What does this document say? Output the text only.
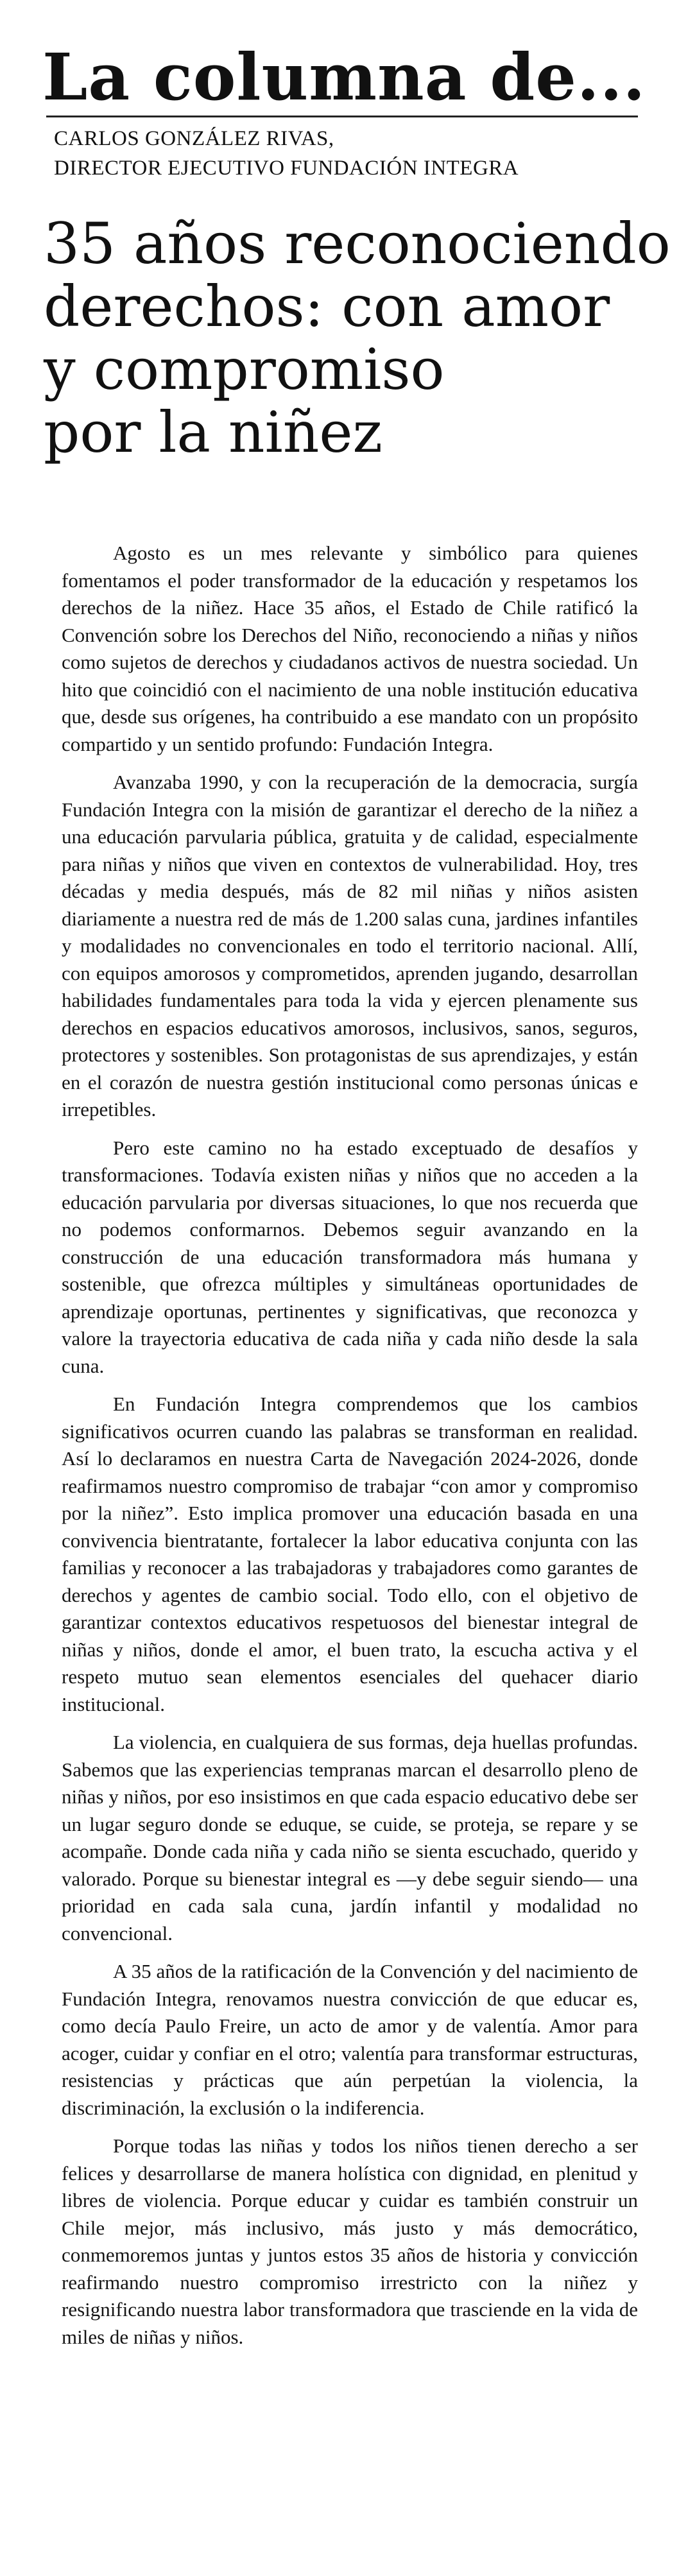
La columna de...
CARLOS GONZÁLEZ RIVAS,
DIRECTOR EJECUTIVO FUNDACIÓN INTEGRA
35 años reconociendo
derechos: con amor
y compromiso
por la niñez

Agosto es un mes relevante y simbólico para quienes fomentamos el poder transformador de la educación y respetamos los derechos de la niñez. Hace 35 años, el Estado de Chile ratificó la Convención sobre los Derechos del Niño, reconociendo a niñas y niños como sujetos de derechos y ciudadanos activos de nuestra sociedad. Un hito que coincidió con el nacimiento de una noble institución educativa que, desde sus orígenes, ha contribuido a ese mandato con un propósito compartido y un sentido profundo: Fundación Integra.

Avanzaba 1990, y con la recuperación de la democracia, surgía Fundación Integra con la misión de garantizar el derecho de la niñez a una educación parvularia pública, gratuita y de calidad, especialmente para niñas y niños que viven en contextos de vulnerabilidad. Hoy, tres décadas y media después, más de 82 mil niñas y niños asisten diariamente a nuestra red de más de 1.200 salas cuna, jardines infantiles y modalidades no convencionales en todo el territorio nacional. Allí, con equipos amorosos y comprometidos, aprenden jugando, desarrollan habilidades fundamentales para toda la vida y ejercen plenamente sus derechos en espacios educativos amorosos, inclusivos, sanos, seguros, protectores y sostenibles. Son protagonistas de sus aprendizajes, y están en el corazón de nuestra gestión institucional como personas únicas e irrepetibles.

Pero este camino no ha estado exceptuado de desafíos y transformaciones. Todavía existen niñas y niños que no acceden a la educación parvularia por diversas situaciones, lo que nos recuerda que no podemos conformarnos. Debemos seguir avanzando en la construcción de una educación transformadora más humana y sostenible, que ofrezca múltiples y simultáneas oportunidades de aprendizaje oportunas, pertinentes y significativas, que reconozca y valore la trayectoria educativa de cada niña y cada niño desde la sala cuna.

En Fundación Integra comprendemos que los cambios significativos ocurren cuando las palabras se transforman en realidad. Así lo declaramos en nuestra Carta de Navegación 2024-2026, donde reafirmamos nuestro compromiso de trabajar “con amor y compromiso por la niñez”. Esto implica promover una educación basada en una convivencia bientratante, fortalecer la labor educativa conjunta con las familias y reconocer a las trabajadoras y trabajadores como garantes de derechos y agentes de cambio social. Todo ello, con el objetivo de garantizar contextos educativos respetuosos del bienestar integral de niñas y niños, donde el amor, el buen trato, la escucha activa y el respeto mutuo sean elementos esenciales del quehacer diario institucional.

La violencia, en cualquiera de sus formas, deja huellas profundas. Sabemos que las experiencias tempranas marcan el desarrollo pleno de niñas y niños, por eso insistimos en que cada espacio educativo debe ser un lugar seguro donde se eduque, se cuide, se proteja, se repare y se acompañe. Donde cada niña y cada niño se sienta escuchado, querido y valorado. Porque su bienestar integral es —y debe seguir siendo— una prioridad en cada sala cuna, jardín infantil y modalidad no convencional.

A 35 años de la ratificación de la Convención y del nacimiento de Fundación Integra, renovamos nuestra convicción de que educar es, como decía Paulo Freire, un acto de amor y de valentía. Amor para acoger, cuidar y confiar en el otro; valentía para transformar estructuras, resistencias y prácticas que aún perpetúan la violencia, la discriminación, la exclusión o la indiferencia.

Porque todas las niñas y todos los niños tienen derecho a ser felices y desarrollarse de manera holística con dignidad, en plenitud y libres de violencia. Porque educar y cuidar es también construir un Chile mejor, más inclusivo, más justo y más democrático, conmemoremos juntas y juntos estos 35 años de historia y convicción reafirmando nuestro compromiso irrestricto con la niñez y resignificando nuestra labor transformadora que trasciende en la vida de miles de niñas y niños.
